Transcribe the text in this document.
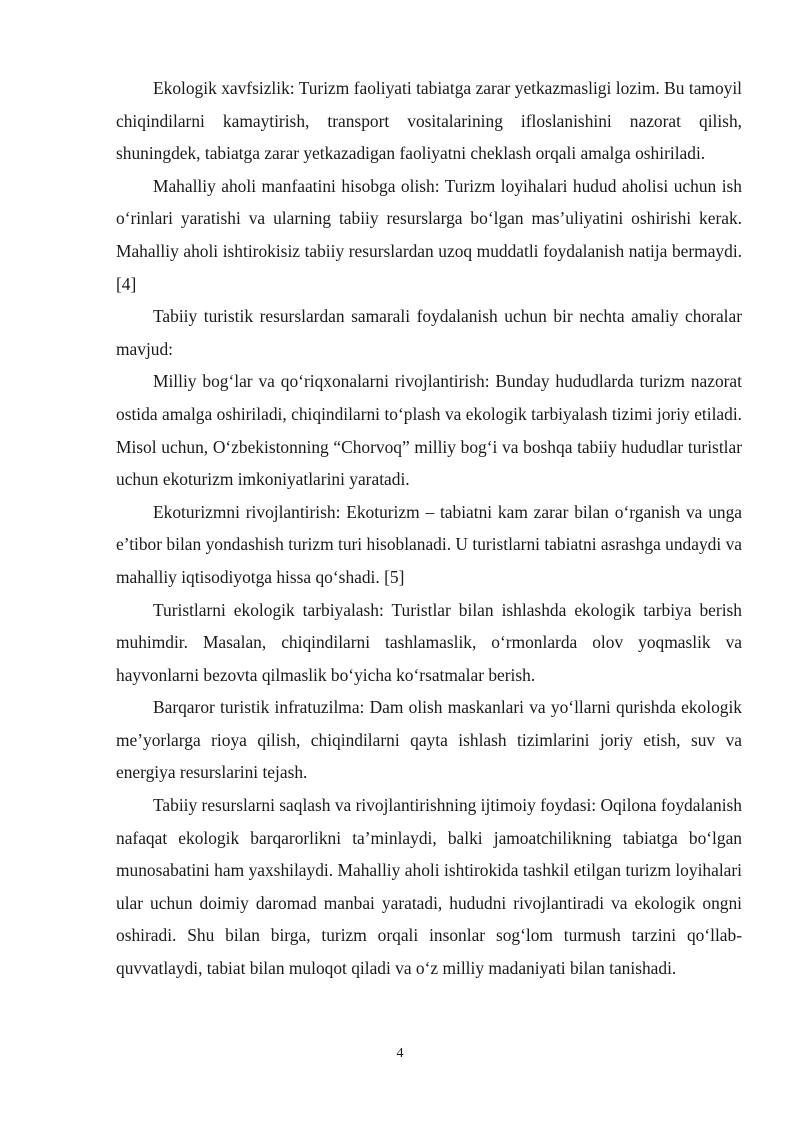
Ekologik xavfsizlik: Turizm faoliyati tabiatga zarar yetkazmasligi lozim. Bu tamoyil chiqindilarni kamaytirish, transport vositalarining ifloslanishini nazorat qilish, shuningdek, tabiatga zarar yetkazadigan faoliyatni cheklash orqali amalga oshiriladi.

Mahalliy aholi manfaatini hisobga olish: Turizm loyihalari hudud aholisi uchun ish o‘rinlari yaratishi va ularning tabiiy resurslarga bo‘lgan mas’uliyatini oshirishi kerak. Mahalliy aholi ishtirokisiz tabiiy resurslardan uzoq muddatli foydalanish natija bermaydi. [4]

Tabiiy turistik resurslardan samarali foydalanish uchun bir nechta amaliy choralar mavjud:

Milliy bog‘lar va qo‘riqxonalarni rivojlantirish: Bunday hududlarda turizm nazorat ostida amalga oshiriladi, chiqindilarni to‘plash va ekologik tarbiyalash tizimi joriy etiladi. Misol uchun, O‘zbekistonning “Chorvoq” milliy bog‘i va boshqa tabiiy hududlar turistlar uchun ekoturizm imkoniyatlarini yaratadi.

Ekoturizmni rivojlantirish: Ekoturizm – tabiatni kam zarar bilan o‘rganish va unga e’tibor bilan yondashish turizm turi hisoblanadi. U turistlarni tabiatni asrashga undaydi va mahalliy iqtisodiyotga hissa qo‘shadi. [5]

Turistlarni ekologik tarbiyalash: Turistlar bilan ishlashda ekologik tarbiya berish muhimdir. Masalan, chiqindilarni tashlamaslik, o‘rmonlarda olov yoqmaslik va hayvonlarni bezovta qilmaslik bo‘yicha ko‘rsatmalar berish.

Barqaror turistik infratuzilma: Dam olish maskanlari va yo‘llarni qurishda ekologik me’yorlarga rioya qilish, chiqindilarni qayta ishlash tizimlarini joriy etish, suv va energiya resurslarini tejash.

Tabiiy resurslarni saqlash va rivojlantirishning ijtimoiy foydasi: Oqilona foydalanish nafaqat ekologik barqarorlikni ta’minlaydi, balki jamoatchilikning tabiatga bo‘lgan munosabatini ham yaxshilaydi. Mahalliy aholi ishtirokida tashkil etilgan turizm loyihalari ular uchun doimiy daromad manbai yaratadi, hududni rivojlantiradi va ekologik ongni oshiradi. Shu bilan birga, turizm orqali insonlar sog‘lom turmush tarzini qo‘llab-quvvatlaydi, tabiat bilan muloqot qiladi va o‘z milliy madaniyati bilan tanishadi.

4
